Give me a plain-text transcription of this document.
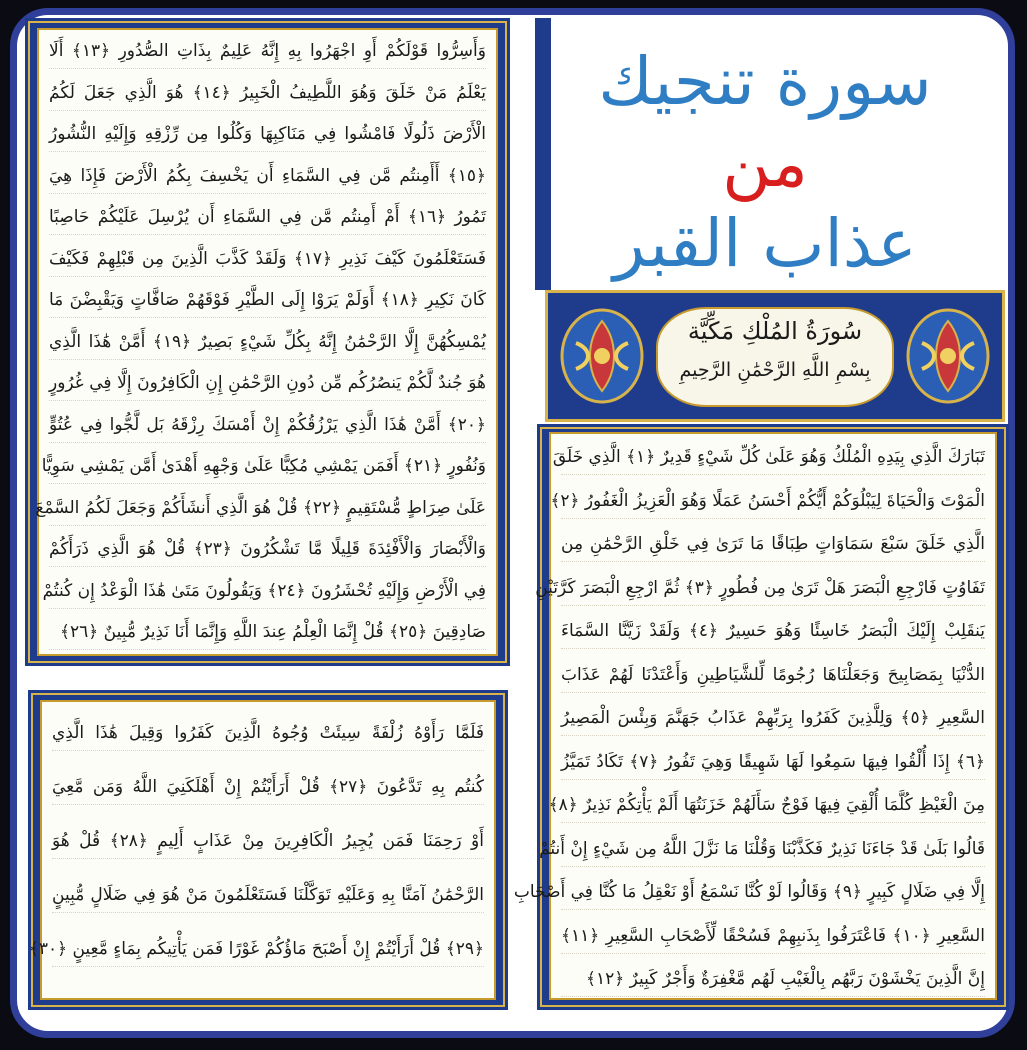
وَأَسِرُّوا قَوْلَكُمْ أَوِ اجْهَرُوا بِهِ إِنَّهُ عَلِيمٌ بِذَاتِ الصُّدُورِ ﴿١٣﴾ أَلَا
يَعْلَمُ مَنْ خَلَقَ وَهُوَ اللَّطِيفُ الْخَبِيرُ ﴿١٤﴾ هُوَ الَّذِي جَعَلَ لَكُمُ
الْأَرْضَ ذَلُولًا فَامْشُوا فِي مَنَاكِبِهَا وَكُلُوا مِن رِّزْقِهِ وَإِلَيْهِ النُّشُورُ
﴿١٥﴾ أَأَمِنتُم مَّن فِي السَّمَاءِ أَن يَخْسِفَ بِكُمُ الْأَرْضَ فَإِذَا هِيَ
تَمُورُ ﴿١٦﴾ أَمْ أَمِنتُم مَّن فِي السَّمَاءِ أَن يُرْسِلَ عَلَيْكُمْ حَاصِبًا
فَسَتَعْلَمُونَ كَيْفَ نَذِيرِ ﴿١٧﴾ وَلَقَدْ كَذَّبَ الَّذِينَ مِن قَبْلِهِمْ فَكَيْفَ
كَانَ نَكِيرِ ﴿١٨﴾ أَوَلَمْ يَرَوْا إِلَى الطَّيْرِ فَوْقَهُمْ صَافَّاتٍ وَيَقْبِضْنَ مَا
يُمْسِكُهُنَّ إِلَّا الرَّحْمَٰنُ إِنَّهُ بِكُلِّ شَيْءٍ بَصِيرٌ ﴿١٩﴾ أَمَّنْ هَٰذَا الَّذِي
هُوَ جُندٌ لَّكُمْ يَنصُرُكُم مِّن دُونِ الرَّحْمَٰنِ إِنِ الْكَافِرُونَ إِلَّا فِي غُرُورٍ
﴿٢٠﴾ أَمَّنْ هَٰذَا الَّذِي يَرْزُقُكُمْ إِنْ أَمْسَكَ رِزْقَهُ بَل لَّجُّوا فِي عُتُوٍّ
وَنُفُورٍ ﴿٢١﴾ أَفَمَن يَمْشِي مُكِبًّا عَلَىٰ وَجْهِهِ أَهْدَىٰ أَمَّن يَمْشِي سَوِيًّا
عَلَىٰ صِرَاطٍ مُّسْتَقِيمٍ ﴿٢٢﴾ قُلْ هُوَ الَّذِي أَنشَأَكُمْ وَجَعَلَ لَكُمُ السَّمْعَ
وَالْأَبْصَارَ وَالْأَفْئِدَةَ قَلِيلًا مَّا تَشْكُرُونَ ﴿٢٣﴾ قُلْ هُوَ الَّذِي ذَرَأَكُمْ
فِي الْأَرْضِ وَإِلَيْهِ تُحْشَرُونَ ﴿٢٤﴾ وَيَقُولُونَ مَتَىٰ هَٰذَا الْوَعْدُ إِن كُنتُمْ
صَادِقِينَ ﴿٢٥﴾ قُلْ إِنَّمَا الْعِلْمُ عِندَ اللَّهِ وَإِنَّمَا أَنَا نَذِيرٌ مُّبِينٌ ﴿٢٦﴾
فَلَمَّا رَأَوْهُ زُلْفَةً سِيئَتْ وُجُوهُ الَّذِينَ كَفَرُوا وَقِيلَ هَٰذَا الَّذِي
كُنتُم بِهِ تَدَّعُونَ ﴿٢٧﴾ قُلْ أَرَأَيْتُمْ إِنْ أَهْلَكَنِيَ اللَّهُ وَمَن مَّعِيَ
أَوْ رَحِمَنَا فَمَن يُجِيرُ الْكَافِرِينَ مِنْ عَذَابٍ أَلِيمٍ ﴿٢٨﴾ قُلْ هُوَ
الرَّحْمَٰنُ آمَنَّا بِهِ وَعَلَيْهِ تَوَكَّلْنَا فَسَتَعْلَمُونَ مَنْ هُوَ فِي ضَلَالٍ مُّبِينٍ
﴿٢٩﴾ قُلْ أَرَأَيْتُمْ إِنْ أَصْبَحَ مَاؤُكُمْ غَوْرًا فَمَن يَأْتِيكُم بِمَاءٍ مَّعِينٍ ﴿٣٠﴾
سورة تنجيك
من
عذاب القبر
سُورَةُ المُلْكِ مَكِّيَّة
بِسْمِ اللَّهِ الرَّحْمَٰنِ الرَّحِيمِ
تَبَارَكَ الَّذِي بِيَدِهِ الْمُلْكُ وَهُوَ عَلَىٰ كُلِّ شَيْءٍ قَدِيرٌ ﴿١﴾ الَّذِي خَلَقَ
الْمَوْتَ وَالْحَيَاةَ لِيَبْلُوَكُمْ أَيُّكُمْ أَحْسَنُ عَمَلًا وَهُوَ الْعَزِيزُ الْغَفُورُ ﴿٢﴾
الَّذِي خَلَقَ سَبْعَ سَمَاوَاتٍ طِبَاقًا مَا تَرَىٰ فِي خَلْقِ الرَّحْمَٰنِ مِن
تَفَاوُتٍ فَارْجِعِ الْبَصَرَ هَلْ تَرَىٰ مِن فُطُورٍ ﴿٣﴾ ثُمَّ ارْجِعِ الْبَصَرَ كَرَّتَيْنِ
يَنقَلِبْ إِلَيْكَ الْبَصَرُ خَاسِئًا وَهُوَ حَسِيرٌ ﴿٤﴾ وَلَقَدْ زَيَّنَّا السَّمَاءَ
الدُّنْيَا بِمَصَابِيحَ وَجَعَلْنَاهَا رُجُومًا لِّلشَّيَاطِينِ وَأَعْتَدْنَا لَهُمْ عَذَابَ
السَّعِيرِ ﴿٥﴾ وَلِلَّذِينَ كَفَرُوا بِرَبِّهِمْ عَذَابُ جَهَنَّمَ وَبِئْسَ الْمَصِيرُ
﴿٦﴾ إِذَا أُلْقُوا فِيهَا سَمِعُوا لَهَا شَهِيقًا وَهِيَ تَفُورُ ﴿٧﴾ تَكَادُ تَمَيَّزُ
مِنَ الْغَيْظِ كُلَّمَا أُلْقِيَ فِيهَا فَوْجٌ سَأَلَهُمْ خَزَنَتُهَا أَلَمْ يَأْتِكُمْ نَذِيرٌ ﴿٨﴾
قَالُوا بَلَىٰ قَدْ جَاءَنَا نَذِيرٌ فَكَذَّبْنَا وَقُلْنَا مَا نَزَّلَ اللَّهُ مِن شَيْءٍ إِنْ أَنتُمْ
إِلَّا فِي ضَلَالٍ كَبِيرٍ ﴿٩﴾ وَقَالُوا لَوْ كُنَّا نَسْمَعُ أَوْ نَعْقِلُ مَا كُنَّا فِي أَصْحَابِ
السَّعِيرِ ﴿١٠﴾ فَاعْتَرَفُوا بِذَنبِهِمْ فَسُحْقًا لِّأَصْحَابِ السَّعِيرِ ﴿١١﴾
إِنَّ الَّذِينَ يَخْشَوْنَ رَبَّهُم بِالْغَيْبِ لَهُم مَّغْفِرَةٌ وَأَجْرٌ كَبِيرٌ ﴿١٢﴾
